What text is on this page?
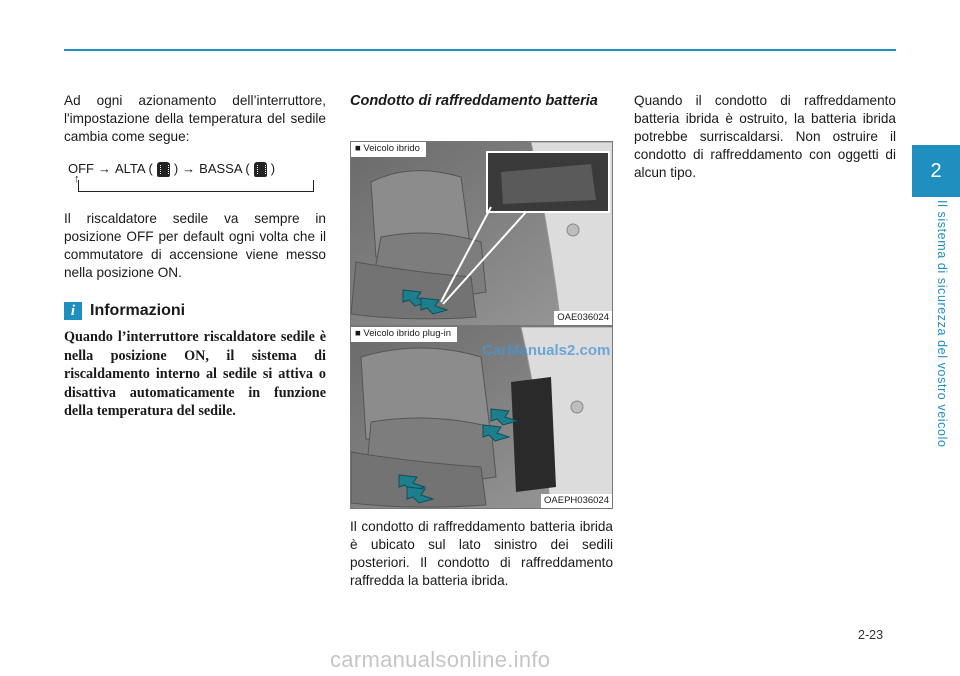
2
Il sistema di sicurezza del vostro veicolo

Ad ogni azionamento dell’interruttore, l'impostazione della temperatura del sedile cambia come segue:

OFF → ALTA ( ) → BASSA ( )
↑

Il riscaldatore sedile va sempre in posizione OFF per default ogni volta che il commutatore di accensione viene messo nella posizione ON.

i Informazioni

Quando l’interruttore riscaldatore sedile è nella posizione ON, il sistema di riscaldamento interno al sedile si attiva o disattiva automaticamente in funzione della temperatura del sedile.

Condotto di raffreddamento batteria

■ Veicolo ibrido
OAE036024
■ Veicolo ibrido plug-in
OAEPH036024

Il condotto di raffreddamento batteria ibrida è ubicato sul lato sinistro dei sedili posteriori. Il condotto di raffreddamento raffredda la batteria ibrida.

Quando il condotto di raffreddamento batteria ibrida è ostruito, la batteria ibrida potrebbe surriscaldarsi. Non ostruire il condotto di raffreddamento con oggetti di alcun tipo.

2-23
CarManuals2.com
carmanualsonline.info
